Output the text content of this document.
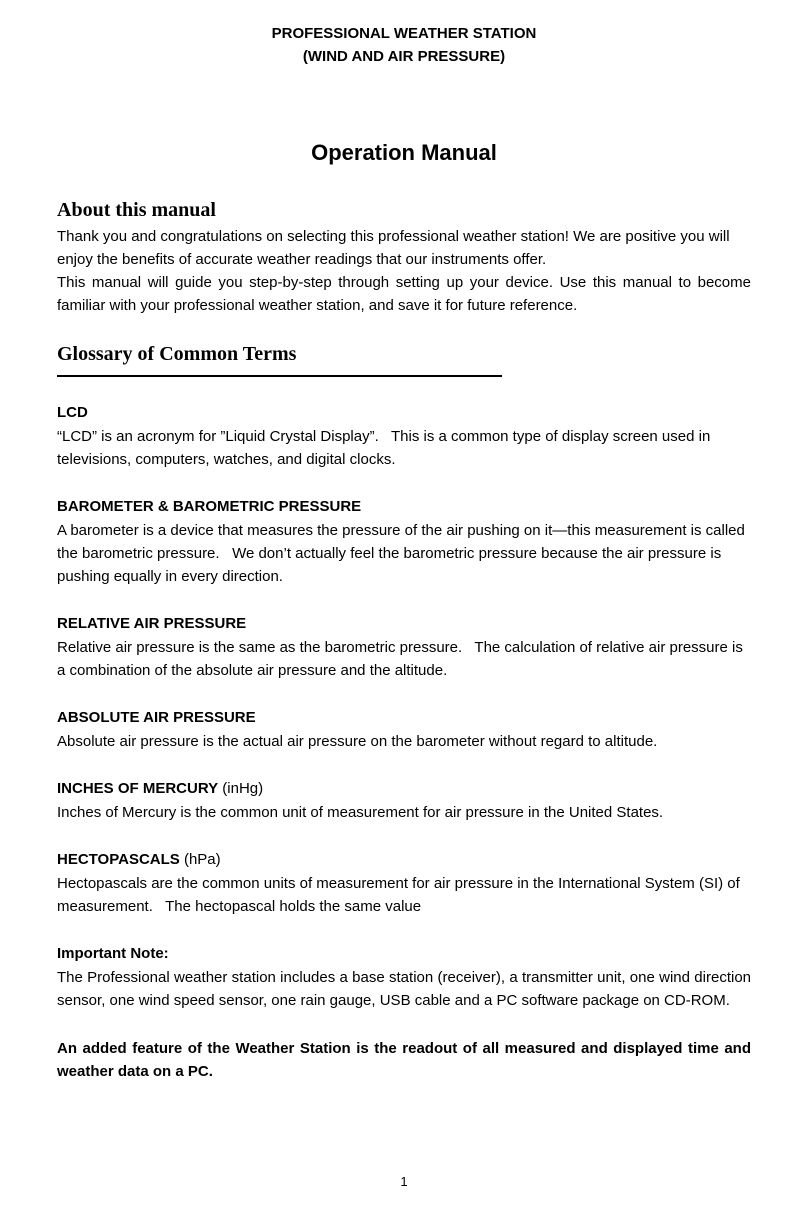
PROFESSIONAL WEATHER STATION
(WIND AND AIR PRESSURE)
Operation Manual
About this manual

Thank you and congratulations on selecting this professional weather station! We are positive you will enjoy the benefits of accurate weather readings that our instruments offer.

This manual will guide you step-by-step through setting up your device. Use this manual to become familiar with your professional weather station, and save it for future reference.

Glossary of Common Terms
LCD

“LCD” is an acronym for ”Liquid Crystal Display”.   This is a common type of display screen used in televisions, computers, watches, and digital clocks.

BAROMETER & BAROMETRIC PRESSURE

A barometer is a device that measures the pressure of the air pushing on it—this measurement is called the barometric pressure.   We don’t actually feel the barometric pressure because the air pressure is pushing equally in every direction.

RELATIVE AIR PRESSURE

Relative air pressure is the same as the barometric pressure.   The calculation of relative air pressure is a combination of the absolute air pressure and the altitude.

ABSOLUTE AIR PRESSURE

Absolute air pressure is the actual air pressure on the barometer without regard to altitude.

INCHES OF MERCURY (inHg)

Inches of Mercury is the common unit of measurement for air pressure in the United States.

HECTOPASCALS (hPa)

Hectopascals are the common units of measurement for air pressure in the International System (SI) of measurement.   The hectopascal holds the same value

Important Note:

The Professional weather station includes a base station (receiver), a transmitter unit, one wind direction sensor, one wind speed sensor, one rain gauge, USB cable and a PC software package on CD-ROM.

An added feature of the Weather Station is the readout of all measured and displayed time and weather data on a PC.

1
